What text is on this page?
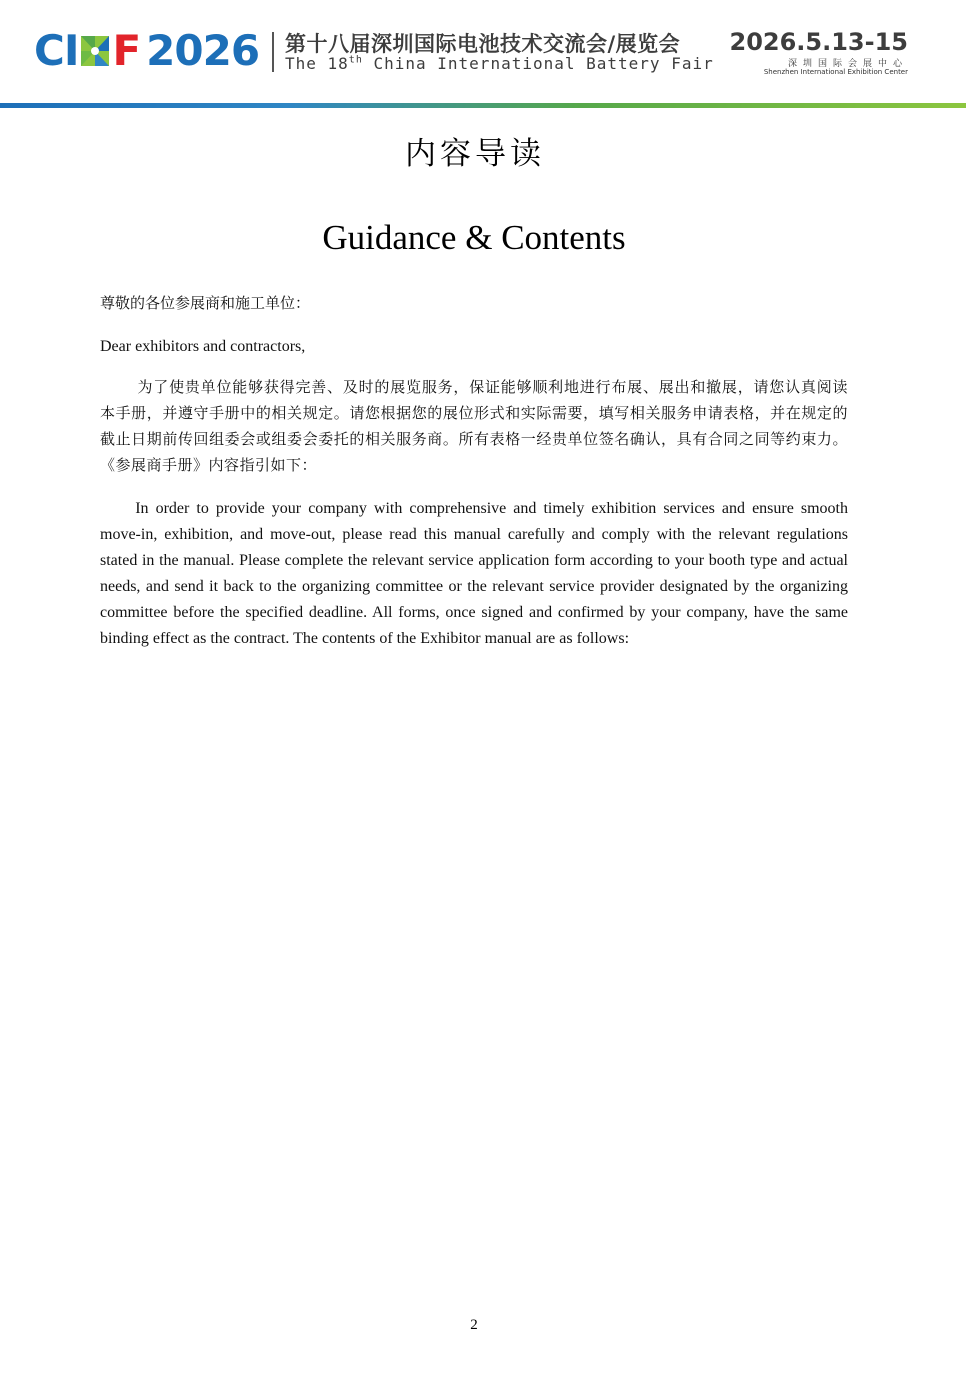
C I F 2026 第十八届深圳国际电池技术交流会/展览会
The 18th China International Battery Fair
2026.5.13-15
深圳国际会展中心
Shenzhen International Exhibition Center
内容导读
Guidance & Contents

尊敬的各位参展商和施工单位：

Dear exhibitors and contractors,

为了使贵单位能够获得完善、及时的展览服务，保证能够顺利地进行布展、展出和撤展，请您认真阅读本手册，并遵守手册中的相关规定。请您根据您的展位形式和实际需要，填写相关服务申请表格，并在规定的截止日期前传回组委会或组委会委托的相关服务商。所有表格一经贵单位签名确认，具有合同之同等约束力。《参展商手册》内容指引如下：

In order to provide your company with comprehensive and timely exhibition services and ensure smooth move-in, exhibition, and move-out, please read this manual carefully and comply with the relevant regulations stated in the manual. Please complete the relevant service application form according to your booth type and actual needs, and send it back to the organizing committee or the relevant service provider designated by the organizing committee before the specified deadline. All forms, once signed and confirmed by your company, have the same binding effect as the contract. The contents of the Exhibitor manual are as follows:

2
